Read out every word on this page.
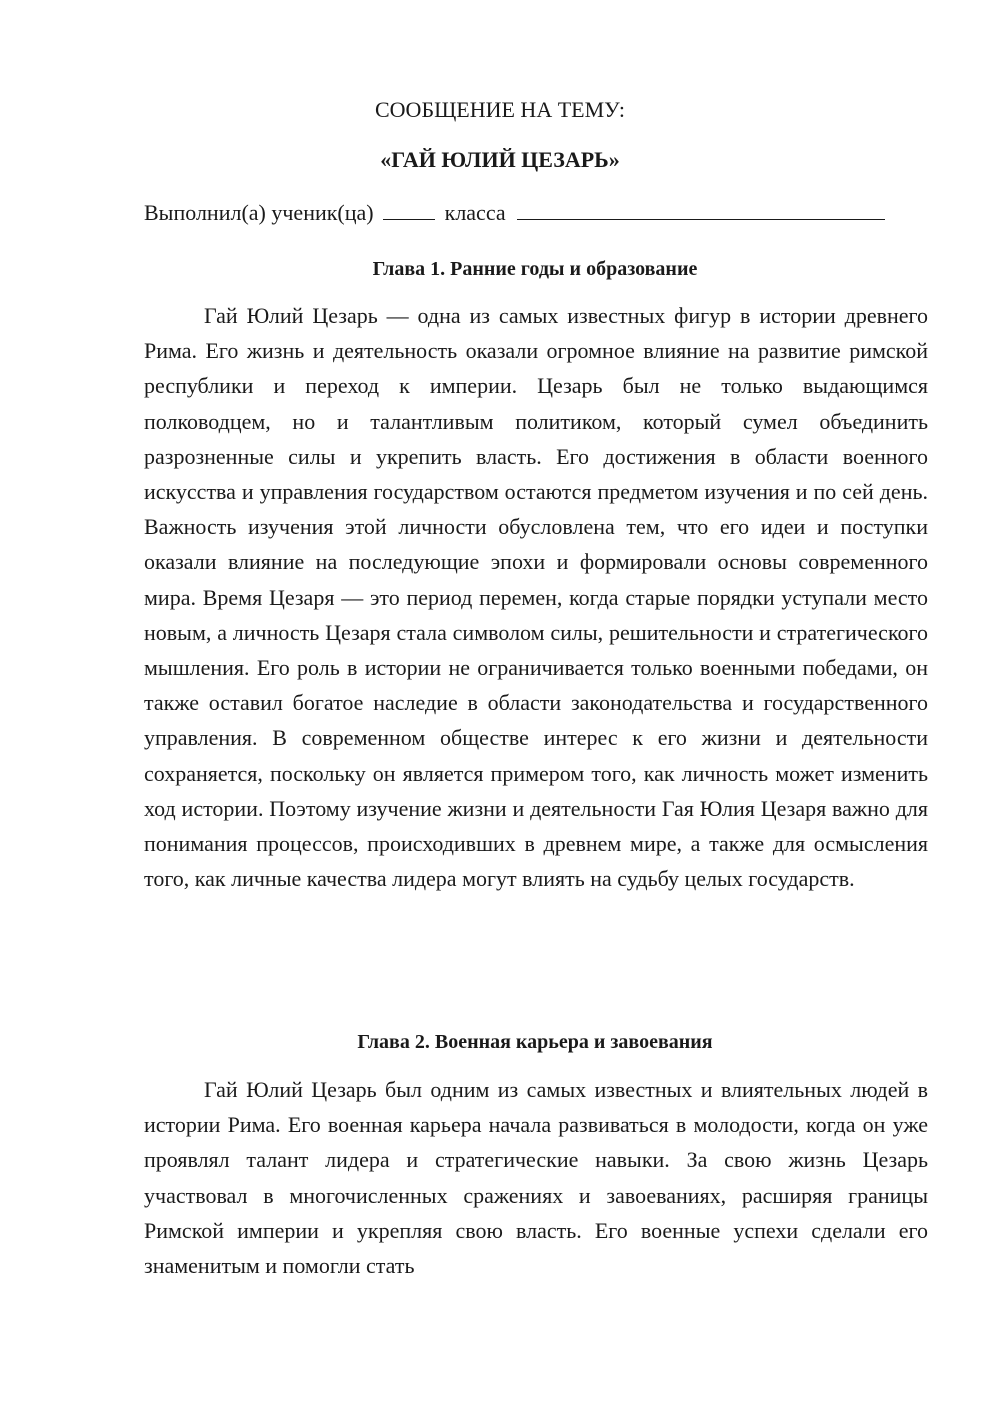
СООБЩЕНИЕ НА ТЕМУ:
«ГАЙ ЮЛИЙ ЦЕЗАРЬ»
Выполнил(а) ученик(ца)	класса
Глава 1. Ранние годы и образование

Гай Юлий Цезарь — одна из самых известных фигур в истории древнего Рима. Его жизнь и деятельность оказали огромное влияние на развитие римской республики и переход к империи. Цезарь был не только выдающимся полководцем, но и талантливым политиком, который сумел объединить разрозненные силы и укрепить власть. Его достижения в области военного искусства и управления государством остаются предметом изучения и по сей день. Важность изучения этой личности обусловлена тем, что его идеи и поступки оказали влияние на последующие эпохи и формировали основы современного мира. Время Цезаря — это период перемен, когда старые порядки уступали место новым, а личность Цезаря стала символом силы, решительности и стратегического мышления. Его роль в истории не ограничивается только военными победами, он также оставил богатое наследие в области законодательства и государственного управления. В современном обществе интерес к его жизни и деятельности сохраняется, поскольку он является примером того, как личность может изменить ход истории. Поэтому изучение жизни и деятельности Гая Юлия Цезаря важно для понимания процессов, происходивших в древнем мире, а также для осмысления того, как личные качества лидера могут влиять на судьбу целых государств.

Глава 2. Военная карьера и завоевания

Гай Юлий Цезарь был одним из самых известных и влиятельных людей в истории Рима. Его военная карьера начала развиваться в молодости, когда он уже проявлял талант лидера и стратегические навыки. За свою жизнь Цезарь участвовал в многочисленных сражениях и завоеваниях, расширяя границы Римской империи и укрепляя свою власть. Его военные успехи сделали его знаменитым и помогли стать
